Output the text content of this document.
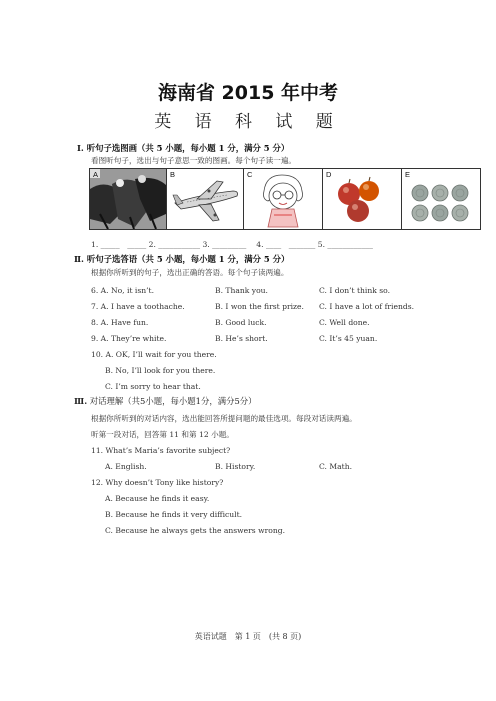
海南省 2015 年中考
英 语 科 试 题
I. 听句子选图画（共 5 小题，每小题 1 分，满分 5 分）
看图听句子，选出与句子意思一致的图画。每个句子读一遍。
A	B	C	D	E
1. _____　_____ 2. ___________ 3. _________　 4. ____　_______ 5. ____________
Ⅱ. 听句子选答语（共 5 小题，每小题 1 分，满分 5 分）
根据你所听到的句子，选出正确的答语。每个句子读两遍。
6. A. No, it isn’t.	B. Thank you.	C. I don’t think so.
7. A. I have a toothache.	B. I won the first prize. C. I have a lot of friends.
8. A. Have fun.	B. Good luck.	C. Well done.
9. A. They’re white.	B. He’s short.	C. It’s 45 yuan.
10. A. OK, I’ll wait for you there.
B. No, I’ll look for you there.
C. I’m sorry to hear that.
Ⅲ. 对话理解（共5小题，每小题1分，满分5分）
根据你所听到的对话内容，选出能回答所提问题的最佳选项。每段对话读两遍。
听第一段对话，回答第 11 和第 12 小题。
11. What’s Maria’s favorite subject?
A. English.	B. History.	C. Math.
12. Why doesn’t Tony like history?
A. Because he finds it easy.
B. Because he finds it very difficult.
C. Because he always gets the answers wrong.
英语试题　第 1 页　(共 8 页)
